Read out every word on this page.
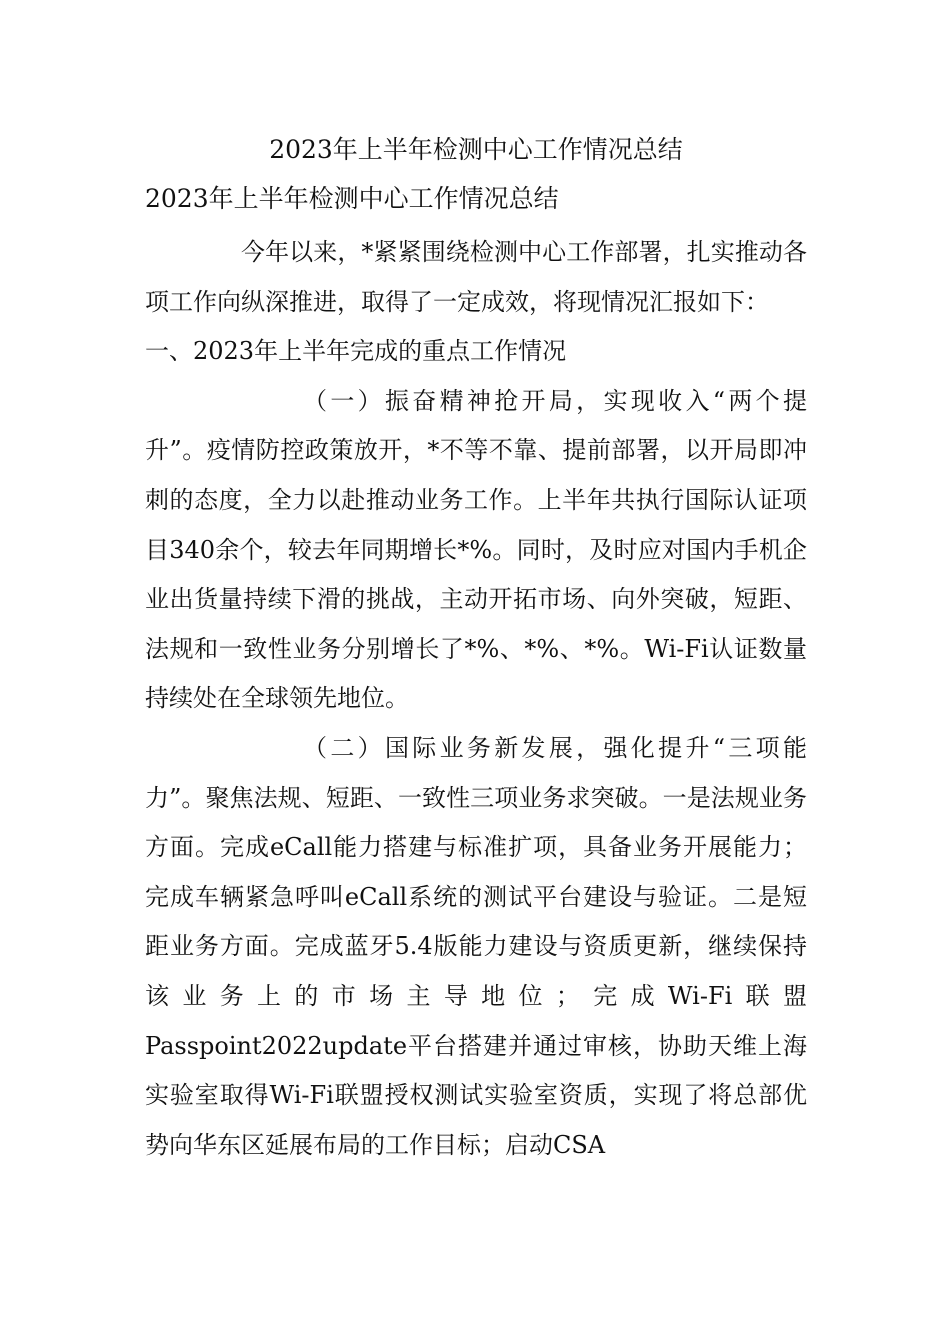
2023年上半年检测中心工作情况总结
2023年上半年检测中心工作情况总结

今年以来，*紧紧围绕检测中心工作部署，扎实推动各项工作向纵深推进，取得了一定成效，将现情况汇报如下：

一、2023年上半年完成的重点工作情况

（一）振奋精神抢开局，实现收入“两个提升”。疫情防控政策放开，*不等不靠、提前部署，以开局即冲刺的态度，全力以赴推动业务工作。上半年共执行国际认证项目340余个，较去年同期增长*%。同时，及时应对国内手机企业出货量持续下滑的挑战，主动开拓市场、向外突破，短距、法规和一致性业务分别增长了*%、*%、*%。Wi-Fi认证数量持续处在全球领先地位。

（二）国际业务新发展，强化提升“三项能力”。聚焦法规、短距、一致性三项业务求突破。一是法规业务方面。完成eCall能力搭建与标准扩项，具备业务开展能力；完成车辆紧急呼叫eCall系统的测试平台建设与验证。二是短距业务方面。完成蓝牙5.4版能力建设与资质更新，继续保持该业务上的市场主导地位；完成Wi-Fi联盟Passpoint2022update平台搭建并通过审核，协助天维上海实验室取得Wi-Fi联盟授权测试实验室资质，实现了将总部优势向华东区延展布局的工作目标；启动CSA
